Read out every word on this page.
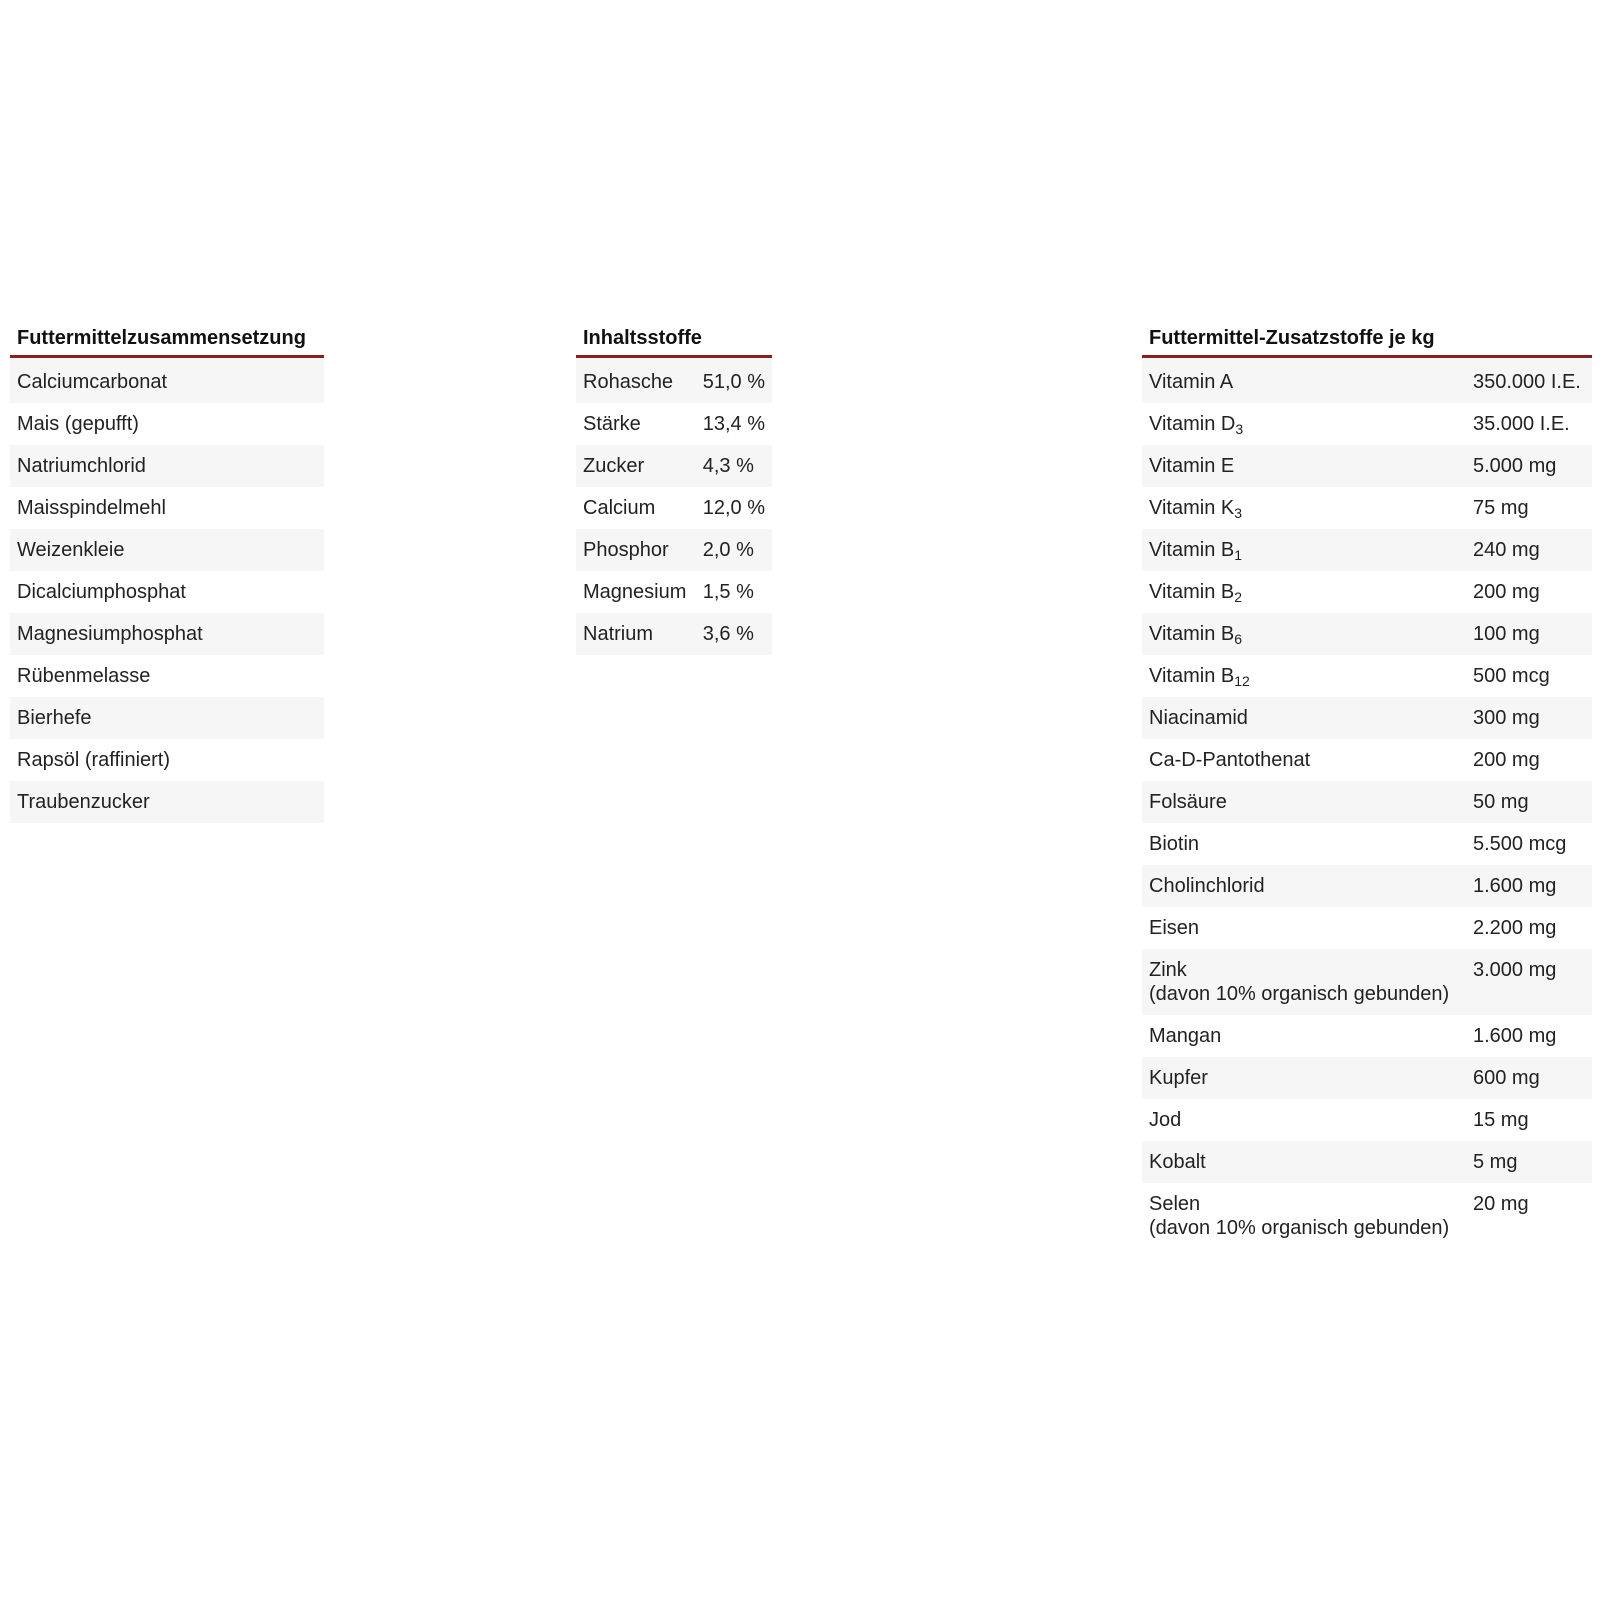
Futtermittelzusammensetzung
Calciumcarbonat
Mais (gepufft)
Natriumchlorid
Maisspindelmehl
Weizenkleie
Dicalciumphosphat
Magnesiumphosphat
Rübenmelasse
Bierhefe
Rapsöl (raffiniert)
Traubenzucker
Inhaltsstoffe	
Rohasche	51,0 %
Stärke	13,4 %
Zucker	4,3 %
Calcium	12,0 %
Phosphor	2,0 %
Magnesium	1,5 %
Natrium	3,6 %
Futtermittel-Zusatzstoffe je kg	
Vitamin A	350.000 I.E.
Vitamin $D_3$	35.000 I.E.
Vitamin E	5.000 mg
Vitamin $K_3$	75 mg
Vitamin $B_1$	240 mg
Vitamin $B_2$	200 mg
Vitamin $B_6$	100 mg
Vitamin $B_{12}$	500 mcg
Niacinamid	300 mg
Ca-D-Pantothenat	200 mg
Folsäure	50 mg
Biotin	5.500 mcg
Cholinchlorid	1.600 mg
Eisen	2.200 mg
Zink
(davon 10% organisch gebunden)	3.000 mg
Mangan	1.600 mg
Kupfer	600 mg
Jod	15 mg
Kobalt	5 mg
Selen
(davon 10% organisch gebunden)	20 mg
